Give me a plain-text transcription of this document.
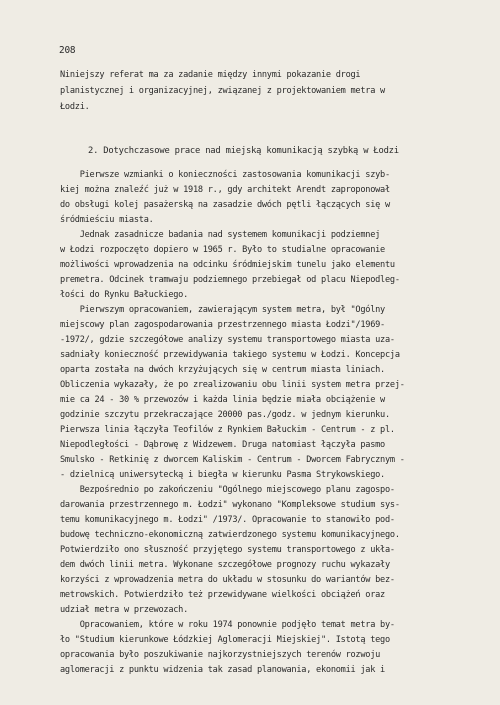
208
Niniejszy referat ma za zadanie między innymi pokazanie drogi
planistycznej i organizacyjnej, związanej z projektowaniem metra w
Łodzi.
2. Dotychczasowe prace nad miejską komunikacją szybką w Łodzi
Pierwsze wzmianki o konieczności zastosowania komunikacji szyb-
kiej można znaleźć już w 1918 r., gdy architekt Arendt zaproponował
do obsługi kolej pasażerską na zasadzie dwóch pętli łączących się w
śródmieściu miasta.
Jednak zasadnicze badania nad systemem komunikacji podziemnej
w Łodzi rozpoczęto dopiero w 1965 r. Było to studialne opracowanie
możliwości wprowadzenia na odcinku śródmiejskim tunelu jako elementu
premetra. Odcinek tramwaju podziemnego przebiegał od placu Niepodleg-
łości do Rynku Bałuckiego.
Pierwszym opracowaniem, zawierającym system metra, był "Ogólny
miejscowy plan zagospodarowania przestrzennego miasta Łodzi"/1969-
-1972/, gdzie szczegółowe analizy systemu transportowego miasta uza-
sadniały konieczność przewidywania takiego systemu w Łodzi. Koncepcja
oparta została na dwóch krzyżujących się w centrum miasta liniach.
Obliczenia wykazały, że po zrealizowaniu obu linii system metra przej-
mie ca 24 - 30 % przewozów i każda linia będzie miała obciążenie w
godzinie szczytu przekraczające 20000 pas./godz. w jednym kierunku.
Pierwsza linia łączyła Teofilów z Rynkiem Bałuckim - Centrum - z pl.
Niepodległości - Dąbrowę z Widzewem. Druga natomiast łączyła pasmo
Smulsko - Retkinię z dworcem Kaliskim - Centrum - Dworcem Fabrycznym -
- dzielnicą uniwersytecką i biegła w kierunku Pasma Strykowskiego.
Bezpośrednio po zakończeniu "Ogólnego miejscowego planu zagospo-
darowania przestrzennego m. Łodzi" wykonano "Kompleksowe studium sys-
temu komunikacyjnego m. Łodzi" /1973/. Opracowanie to stanowiło pod-
budowę techniczno-ekonomiczną zatwierdzonego systemu komunikacyjnego.
Potwierdziło ono słuszność przyjętego systemu transportowego z ukła-
dem dwóch linii metra. Wykonane szczegółowe prognozy ruchu wykazały
korzyści z wprowadzenia metra do układu w stosunku do wariantów bez-
metrowskich. Potwierdziło też przewidywane wielkości obciążeń oraz
udział metra w przewozach.
Opracowaniem, które w roku 1974 ponownie podjęło temat metra by-
ło "Studium kierunkowe Łódzkiej Aglomeracji Miejskiej". Istotą tego
opracowania było poszukiwanie najkorzystniejszych terenów rozwoju
aglomeracji z punktu widzenia tak zasad planowania, ekonomii jak i
